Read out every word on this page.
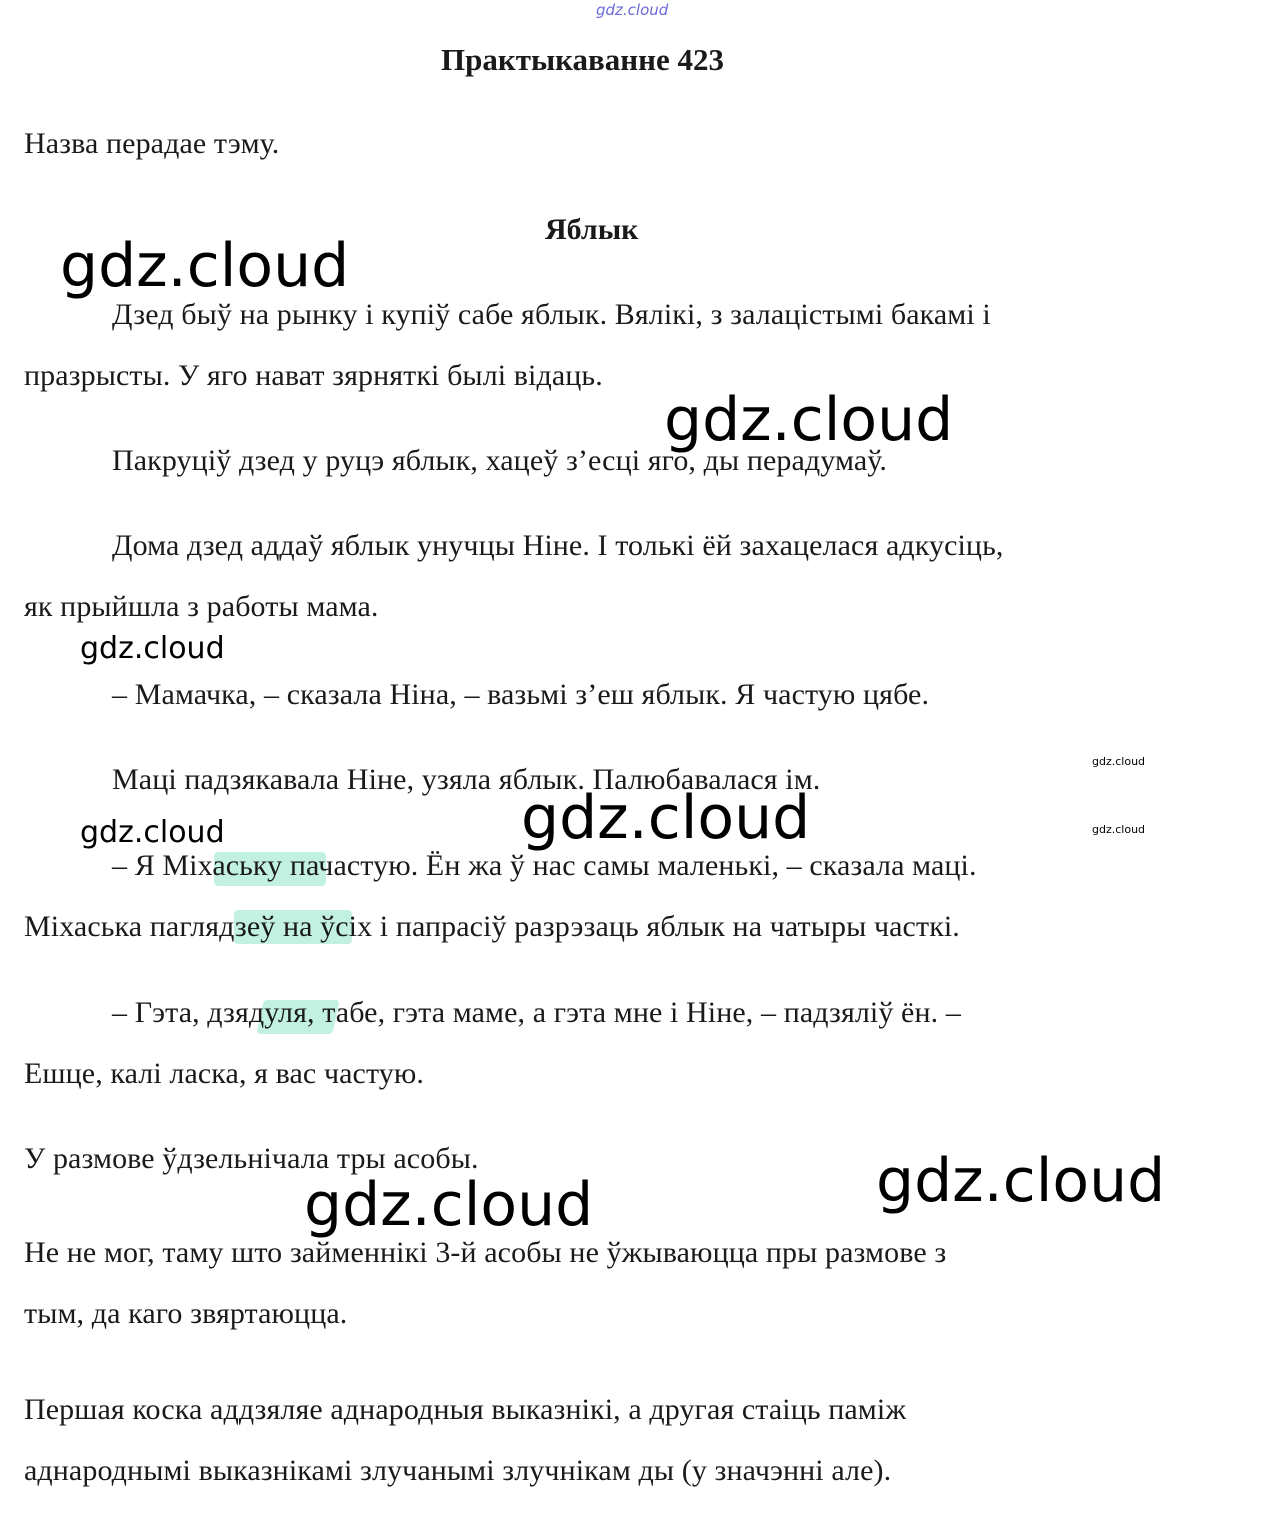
gdz.cloud
Практыкаванне 423
Назва перадае тэму.
Яблык
Дзед быў на рынку і купіў сабе яблык. Вялікі, з залацістымі бакамі і
празрысты. У яго нават зярняткі былі відаць.
Пакруціў дзед у руцэ яблык, хацеў з’есці яго, ды перадумаў.
Дома дзед аддаў яблык унучцы Ніне. І толькі ёй захацелася адкусіць,
як прыйшла з работы мама.
– Мамачка, – сказала Ніна, – вазьмі з’еш яблык. Я частую цябе.
Маці падзякавала Ніне, узяла яблык. Палюбавалася ім.
– Я Міхаську пачастую. Ён жа ў нас самы маленькі, – сказала маці.
Міхаська паглядзеў на ўсіх і папрасіў разрэзаць яблык на чатыры часткі.
– Гэта, дзядуля, табе, гэта маме, а гэта мне і Ніне, – падзяліў ён. –
Ешце, калі ласка, я вас частую.
У размове ўдзельнічала тры асобы.
Не не мог, таму што займеннікі 3-й асобы не ўжываюцца пры размове з
тым, да каго звяртаюцца.
Першая коска аддзяляе аднародныя выказнікі, а другая стаіць паміж
аднароднымі выказнікамі злучанымі злучнікам ды (у значэнні але).
gdz.cloud
gdz.cloud
gdz.cloud
gdz.cloud
gdz.cloud
gdz.cloud	gdz.cloud
gdz.cloud
gdz.cloud
